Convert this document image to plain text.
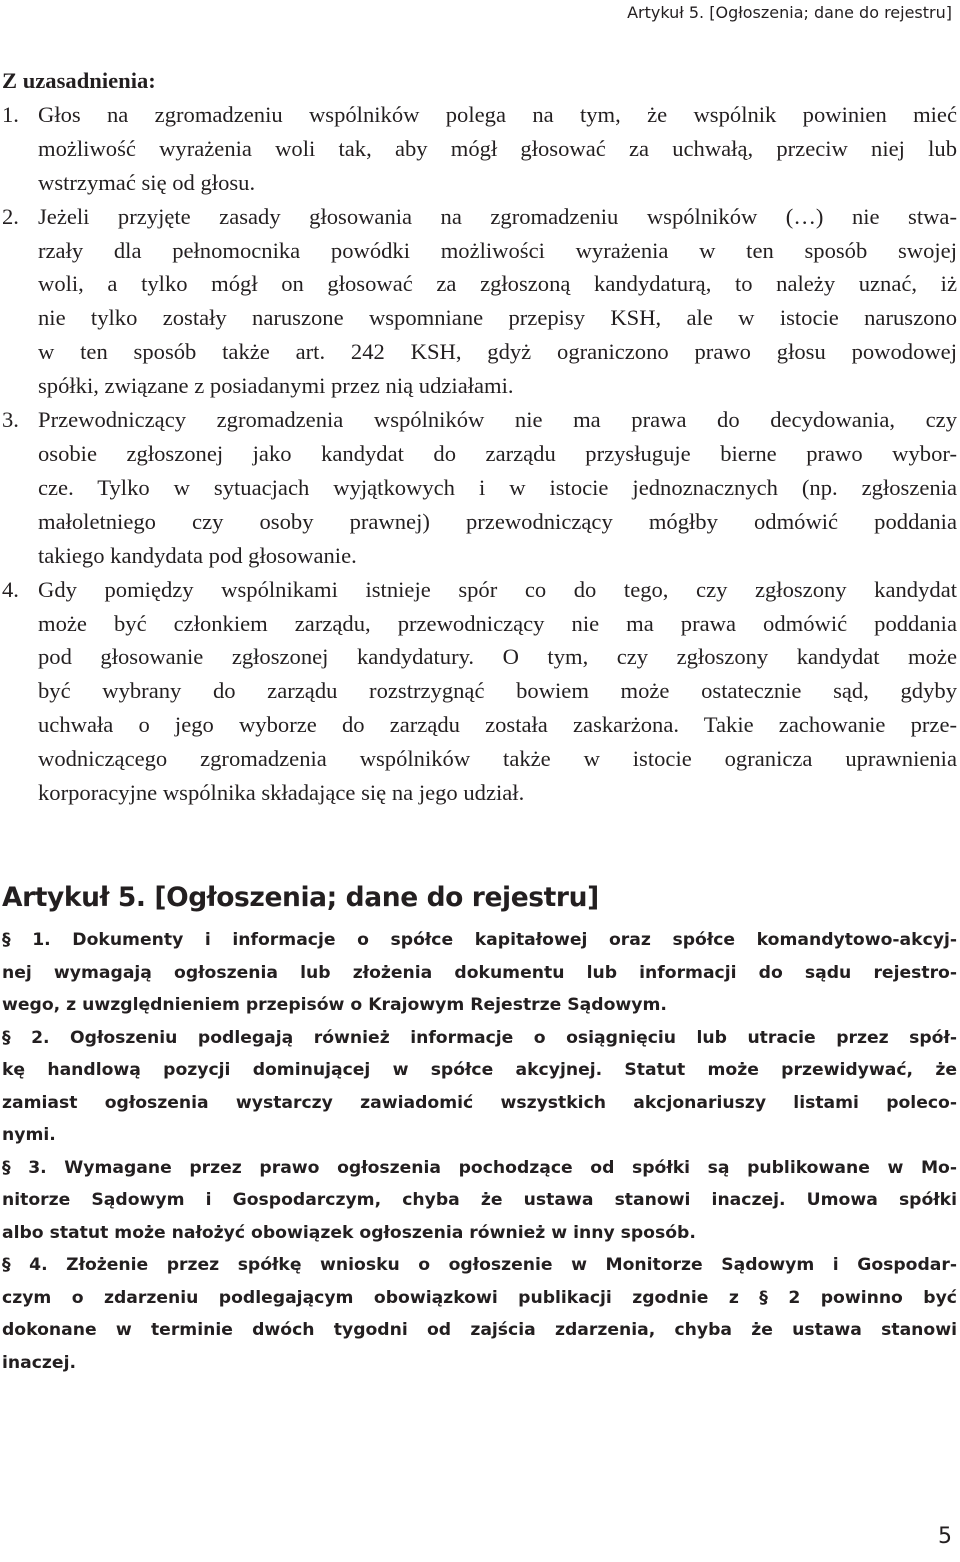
Artykuł 5. [Ogłoszenia; dane do rejestru]

Z uzasadnienia:

1. Głos na zgromadzeniu wspólników polega na tym, że wspólnik powinien mieć
możliwość wyrażenia woli tak, aby mógł głosować za uchwałą, przeciw niej lub
wstrzymać się od głosu.
2. Jeżeli przyjęte zasady głosowania na zgromadzeniu wspólników (…) nie stwa-
rzały dla pełnomocnika powódki możliwości wyrażenia w ten sposób swojej
woli, a tylko mógł on głosować za zgłoszoną kandydaturą, to należy uznać, iż
nie tylko zostały naruszone wspomniane przepisy KSH, ale w istocie naruszono
w ten sposób także art. 242 KSH, gdyż ograniczono prawo głosu powodowej
spółki, związane z posiadanymi przez nią udziałami.
3. Przewodniczący zgromadzenia wspólników nie ma prawa do decydowania, czy
osobie zgłoszonej jako kandydat do zarządu przysługuje bierne prawo wybor-
cze. Tylko w sytuacjach wyjątkowych i w istocie jednoznacznych (np. zgłoszenia
małoletniego czy osoby prawnej) przewodniczący mógłby odmówić poddania
takiego kandydata pod głosowanie.
4. Gdy pomiędzy wspólnikami istnieje spór co do tego, czy zgłoszony kandydat
może być członkiem zarządu, przewodniczący nie ma prawa odmówić poddania
pod głosowanie zgłoszonej kandydatury. O tym, czy zgłoszony kandydat może
być wybrany do zarządu rozstrzygnąć bowiem może ostatecznie sąd, gdyby
uchwała o jego wyborze do zarządu została zaskarżona. Takie zachowanie prze-
wodniczącego zgromadzenia wspólników także w istocie ogranicza uprawnienia
korporacyjne wspólnika składające się na jego udział.
Artykuł 5. [Ogłoszenia; dane do rejestru]
§ 1. Dokumenty i informacje o spółce kapitałowej oraz spółce komandytowo-akcyj-
nej wymagają ogłoszenia lub złożenia dokumentu lub informacji do sądu rejestro-
wego, z uwzględnieniem przepisów o Krajowym Rejestrze Sądowym.
§ 2. Ogłoszeniu podlegają również informacje o osiągnięciu lub utracie przez spół-
kę handlową pozycji dominującej w spółce akcyjnej. Statut może przewidywać, że
zamiast ogłoszenia wystarczy zawiadomić wszystkich akcjonariuszy listami poleco-
nymi.
§ 3. Wymagane przez prawo ogłoszenia pochodzące od spółki są publikowane w Mo-
nitorze Sądowym i Gospodarczym, chyba że ustawa stanowi inaczej. Umowa spółki
albo statut może nałożyć obowiązek ogłoszenia również w inny sposób.
§ 4. Złożenie przez spółkę wniosku o ogłoszenie w Monitorze Sądowym i Gospodar-
czym o zdarzeniu podlegającym obowiązkowi publikacji zgodnie z § 2 powinno być
dokonane w terminie dwóch tygodni od zajścia zdarzenia, chyba że ustawa stanowi
inaczej.
5
